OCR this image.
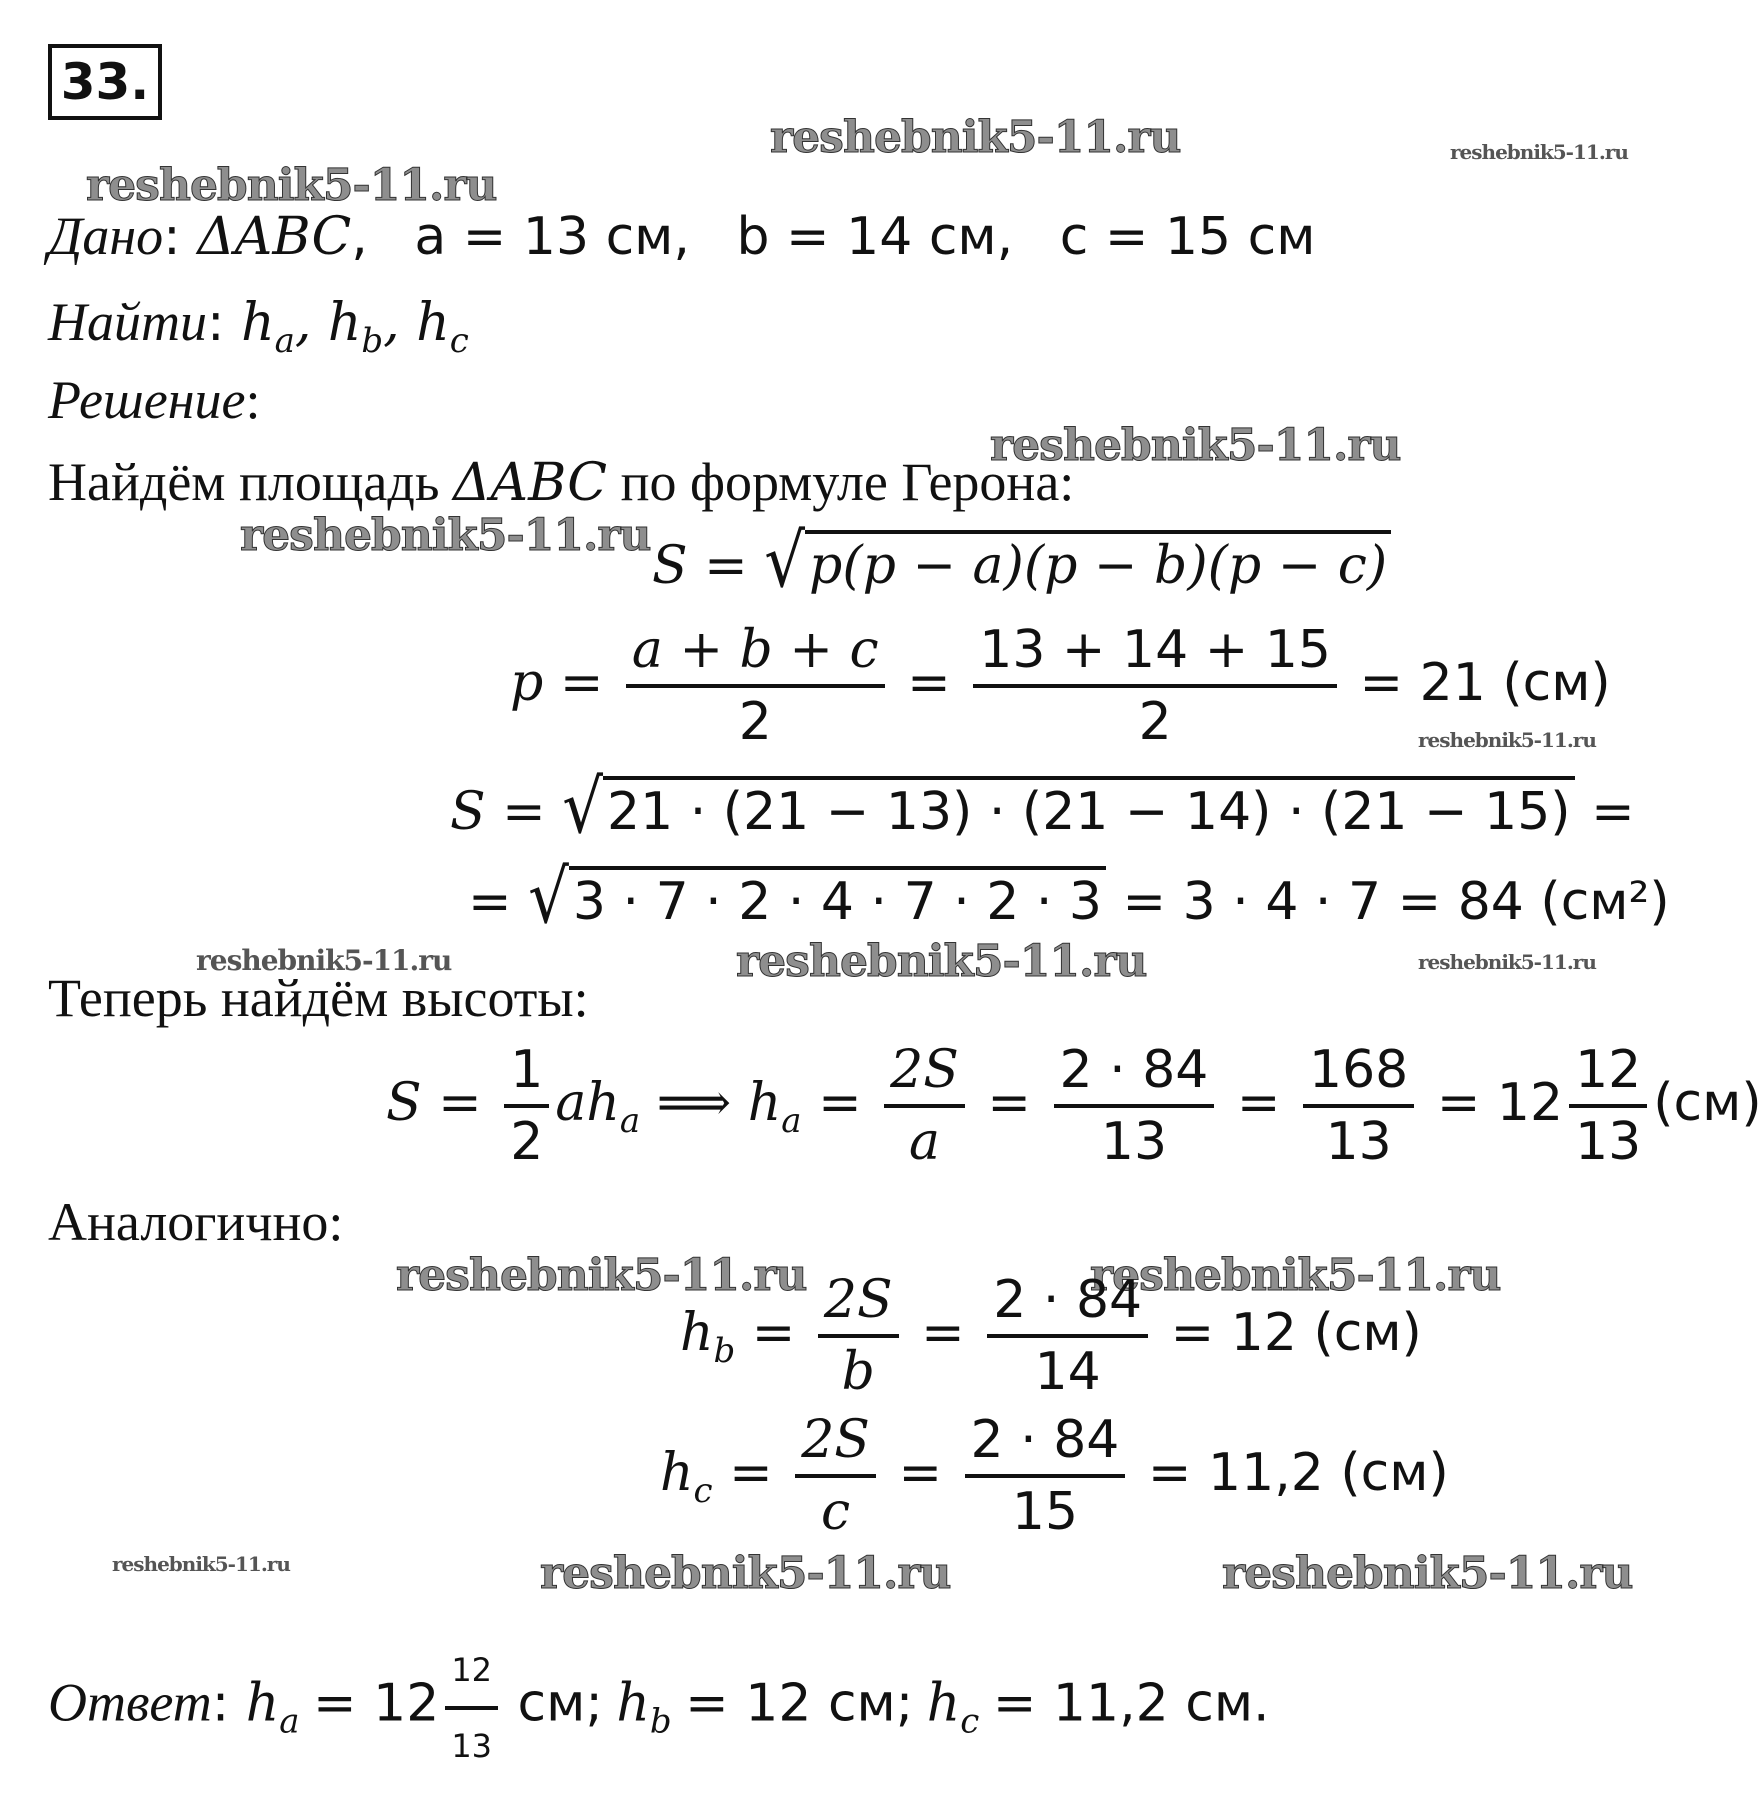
33.
reshebnik5-11.ru	reshebnik5-11.ru
reshebnik5-11.ru
reshebnik5-11.ru
reshebnik5-11.ru
reshebnik5-11.ru
reshebnik5-11.ru	reshebnik5-11.ru	reshebnik5-11.ru
reshebnik5-11.ru	reshebnik5-11.ru
reshebnik5-11.ru	reshebnik5-11.ru	reshebnik5-11.ru
Дано: ΔABC,   a = 13 см,   b = 14 см,   c = 15 см
Найти: $h_a$, $h_b$, $h_c$
Решение:
Найдём площадь ΔABC по формуле Герона:
S = √ p(p − a)(p − b)(p − c)
$p = \frac{a + b + c}{2} = \frac{13 + 14 + 15}{2} = 21$ (см)
S = √ 21 · (21 − 13) · (21 − 14) · (21 − 15) =
= √ 3 · 7 · 2 · 4 · 7 · 2 · 3 = 3 · 4 · 7 = 84 (см²)
Теперь найдём высоты:
$S = \frac{1}{2} ah_a$ ⟹ $h_a = \frac{2S}{a} = \frac{2 \cdot 84}{13} = \frac{168}{13} = 12 \frac{12}{13} (см)$
Аналогично:
$h_b = \frac{2S}{b} = \frac{2 \cdot 84}{14} = 12$ (см)
$h_c = \frac{2S}{c} = \frac{2 \cdot 84}{15} = 11,2$ (см)
Ответ: $h_a = 12 \frac{12}{13}$ см; $h_b = 12$ см; $h_c = 11,2$ см.
